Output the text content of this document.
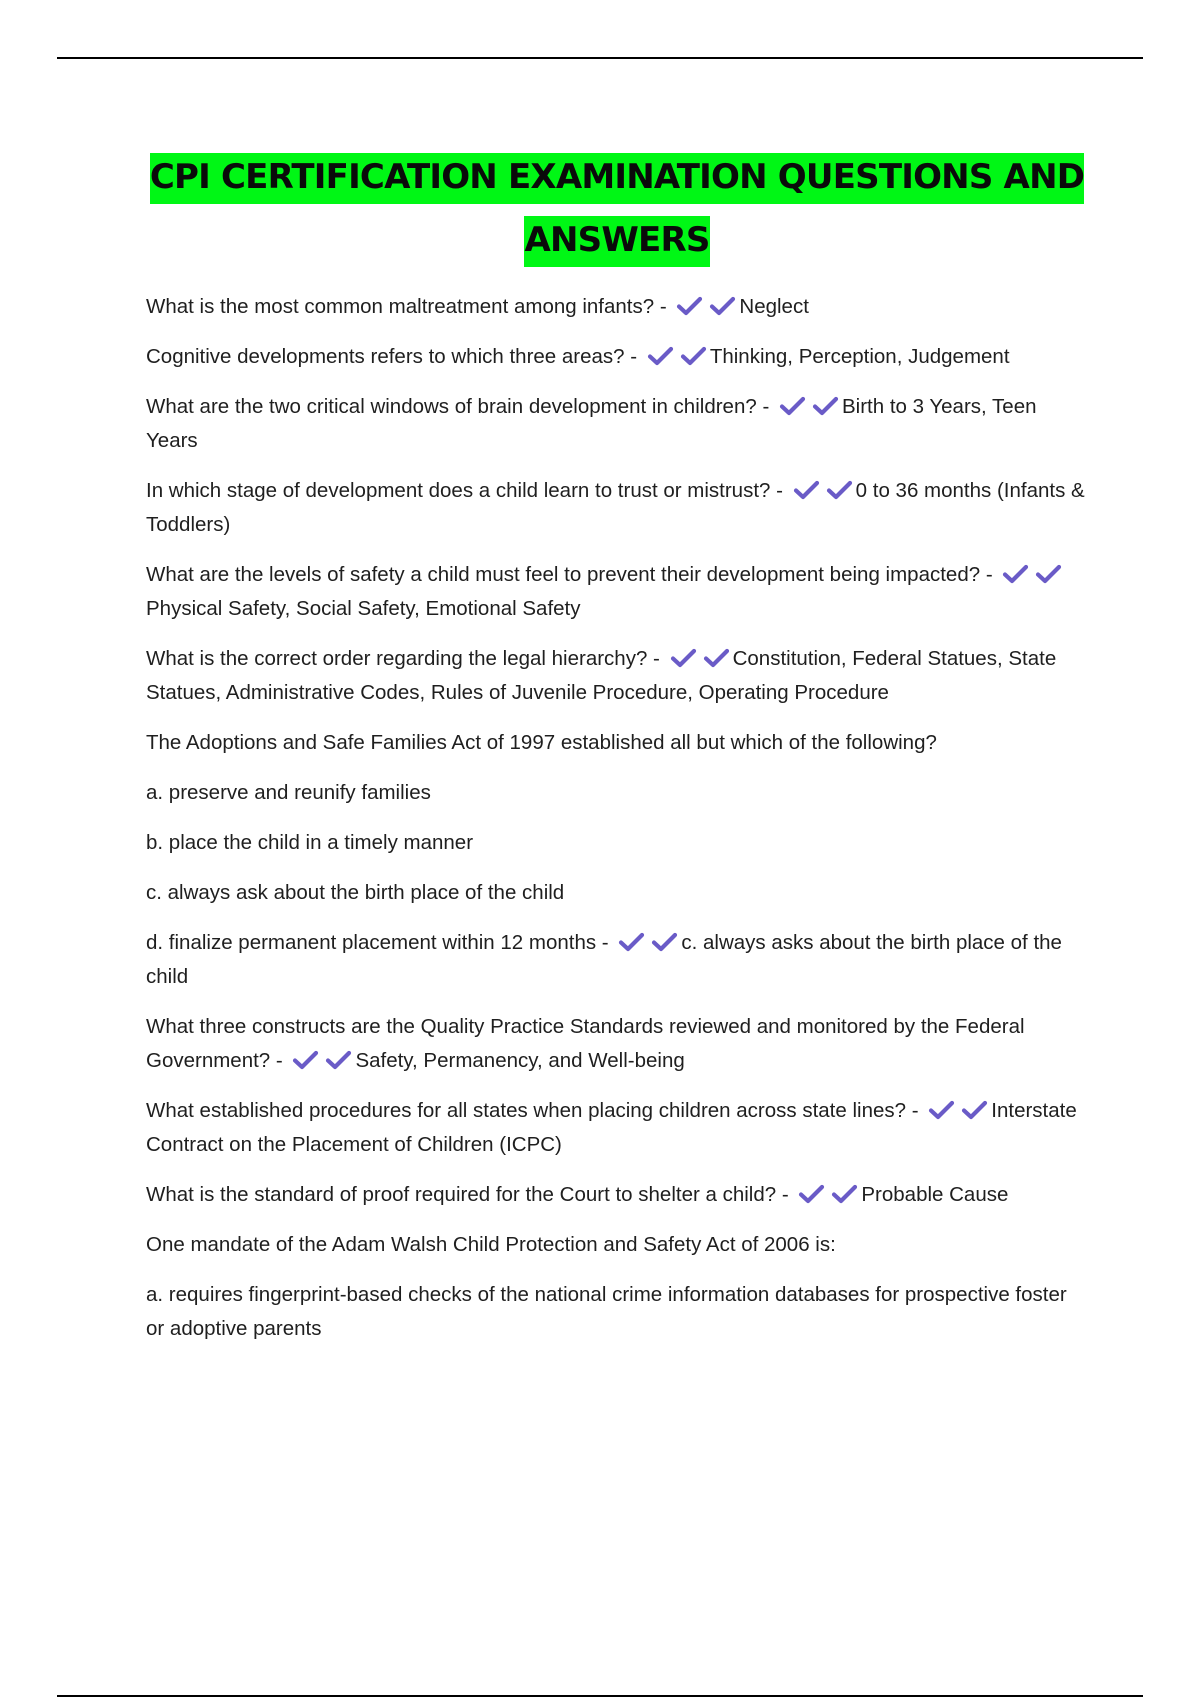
CPI CERTIFICATION EXAMINATION QUESTIONS AND ANSWERS

What is the most common maltreatment among infants? -	Neglect

Cognitive developments refers to which three areas? -	Thinking, Perception, Judgement

What are the two critical windows of brain development in children? -	Birth to 3 Years, Teen Years

In which stage of development does a child learn to trust or mistrust? -	0 to 36 months (Infants & Toddlers)

What are the levels of safety a child must feel to prevent their development being impacted? -
Physical Safety, Social Safety, Emotional Safety

What is the correct order regarding the legal hierarchy? -	Constitution, Federal Statues, State Statues, Administrative Codes, Rules of Juvenile Procedure, Operating Procedure

The Adoptions and Safe Families Act of 1997 established all but which of the following?

a. preserve and reunify families

b. place the child in a timely manner

c. always ask about the birth place of the child

d. finalize permanent placement within 12 months -	c. always asks about the birth place of the child

What three constructs are the Quality Practice Standards reviewed and monitored by the Federal Government? -	Safety, Permanency, and Well-being

What established procedures for all states when placing children across state lines? -	Interstate Contract on the Placement of Children (ICPC)

What is the standard of proof required for the Court to shelter a child? -	Probable Cause

One mandate of the Adam Walsh Child Protection and Safety Act of 2006 is:

a. requires fingerprint-based checks of the national crime information databases for prospective foster or adoptive parents
